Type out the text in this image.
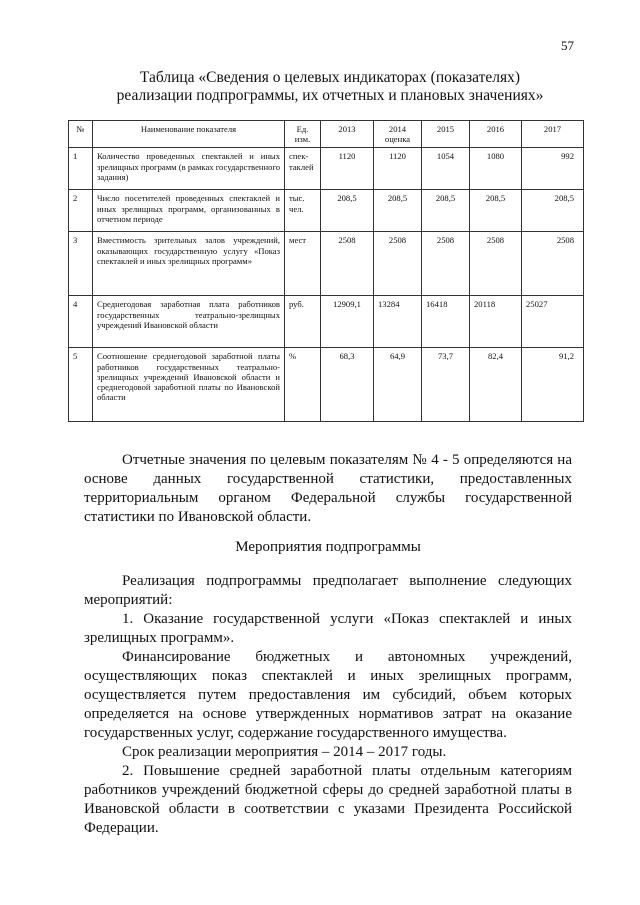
57
Таблица «Сведения о целевых индикаторах (показателях)
реализации подпрограммы, их отчетных и плановых значениях»
№	Наименование показателя	Ед. изм.	2013	2014 оценка	2015	2016	2017
1	Количество проведенных спектаклей и иных зрелищных программ (в рамках государственного задания)	спек-таклей	1120	1120	1054	1080	992
2	Число посетителей проведенных спектаклей и иных зрелищных программ, организованных в отчетном периоде	тыс. чел.	208,5	208,5	208,5	208,5	208,5
3	Вместимость зрительных залов учреждений, оказывающих государственную услугу «Показ спектаклей и иных зрелищных программ»	мест	2508	2508	2508	2508	2508
4	Среднегодовая заработная плата работников государственных театрально-зрелищных учреждений Ивановской области	руб.	12909,1	13284	16418	20118	25027
5	Соотношение среднегодовой заработной платы работников государственных театрально-зрелищных учреждений Ивановской области и среднегодовой заработной платы по Ивановской области	%	68,3	64,9	73,7	82,4	91,2

Отчетные значения по целевым показателям № 4 - 5 определяются на основе данных государственной статистики, предоставленных территориальным органом Федеральной службы государственной статистики по Ивановской области.

Мероприятия подпрограммы

Реализация подпрограммы предполагает выполнение следующих мероприятий:

1. Оказание государственной услуги «Показ спектаклей и иных зрелищных программ».

Финансирование бюджетных и автономных учреждений, осуществляющих показ спектаклей и иных зрелищных программ, осуществляется путем предоставления им субсидий, объем которых определяется на основе утвержденных нормативов затрат на оказание государственных услуг, содержание государственного имущества.

Срок реализации мероприятия – 2014 – 2017 годы.

2. Повышение средней заработной платы отдельным категориям работников учреждений бюджетной сферы до средней заработной платы в Ивановской области в соответствии с указами Президента Российской Федерации.
